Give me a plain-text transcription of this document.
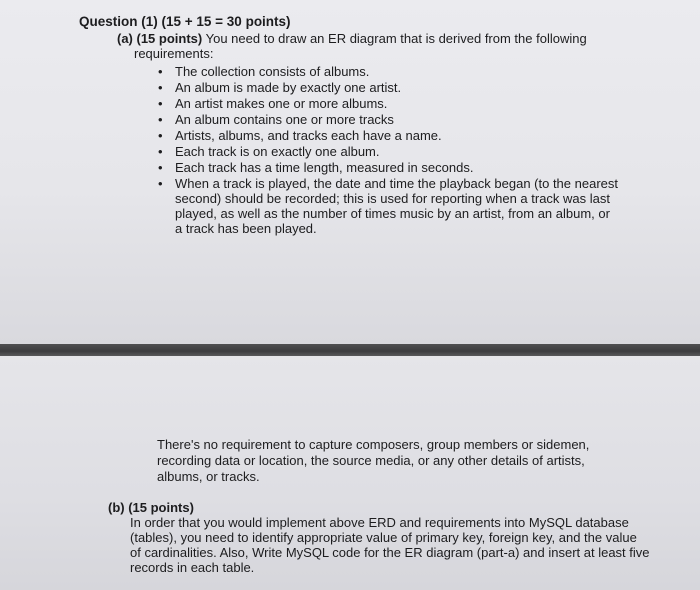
Question (1) (15 + 15 = 30 points)
(a) (15 points) You need to draw an ER diagram that is derived from the following
requirements:
• The collection consists of albums.
• An album is made by exactly one artist.
• An artist makes one or more albums.
• An album contains one or more tracks
• Artists, albums, and tracks each have a name.
• Each track is on exactly one album.
• Each track has a time length, measured in seconds.
• When a track is played, the date and time the playback began (to the nearest second) should be recorded; this is used for reporting when a track was last played, as well as the number of times music by an artist, from an album, or a track has been played.
There's no requirement to capture composers, group members or sidemen, recording data or location, the source media, or any other details of artists, albums, or tracks.
(b) (15 points)
In order that you would implement above ERD and requirements into MySQL database (tables), you need to identify appropriate value of primary key, foreign key, and the value of cardinalities. Also, Write MySQL code for the ER diagram (part-a) and insert at least five records in each table.
